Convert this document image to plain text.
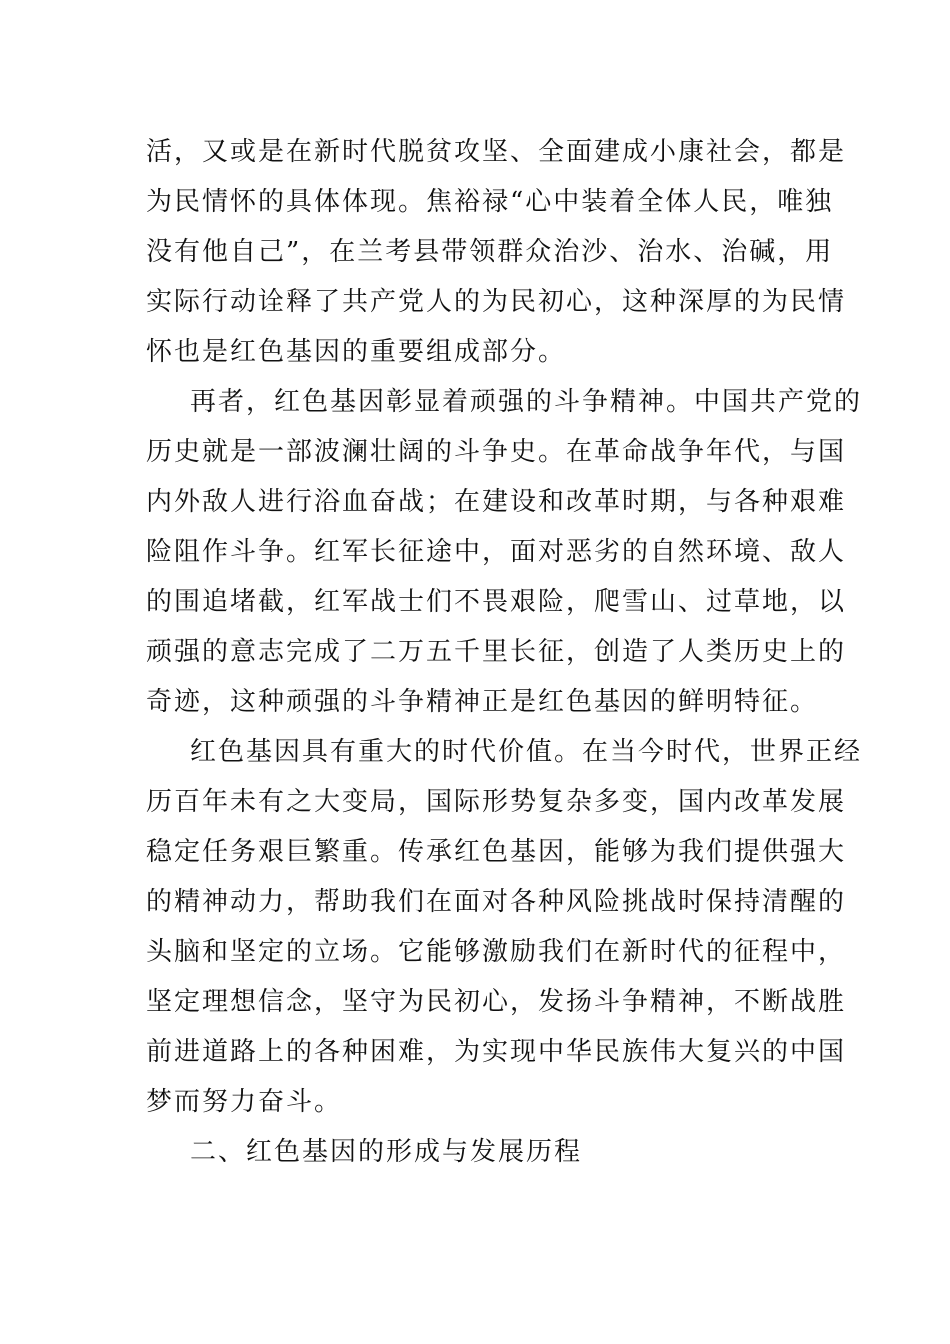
活，又或是在新时代脱贫攻坚、全面建成小康社会，都是
为民情怀的具体体现。焦裕禄“心中装着全体人民，唯独
没有他自己”，在兰考县带领群众治沙、治水、治碱，用
实际行动诠释了共产党人的为民初心，这种深厚的为民情
怀也是红色基因的重要组成部分。
再者，红色基因彰显着顽强的斗争精神。中国共产党的
历史就是一部波澜壮阔的斗争史。在革命战争年代，与国
内外敌人进行浴血奋战；在建设和改革时期，与各种艰难
险阻作斗争。红军长征途中，面对恶劣的自然环境、敌人
的围追堵截，红军战士们不畏艰险，爬雪山、过草地，以
顽强的意志完成了二万五千里长征，创造了人类历史上的
奇迹，这种顽强的斗争精神正是红色基因的鲜明特征。
红色基因具有重大的时代价值。在当今时代，世界正经
历百年未有之大变局，国际形势复杂多变，国内改革发展
稳定任务艰巨繁重。传承红色基因，能够为我们提供强大
的精神动力，帮助我们在面对各种风险挑战时保持清醒的
头脑和坚定的立场。它能够激励我们在新时代的征程中，
坚定理想信念，坚守为民初心，发扬斗争精神，不断战胜
前进道路上的各种困难，为实现中华民族伟大复兴的中国
梦而努力奋斗。
二、红色基因的形成与发展历程
